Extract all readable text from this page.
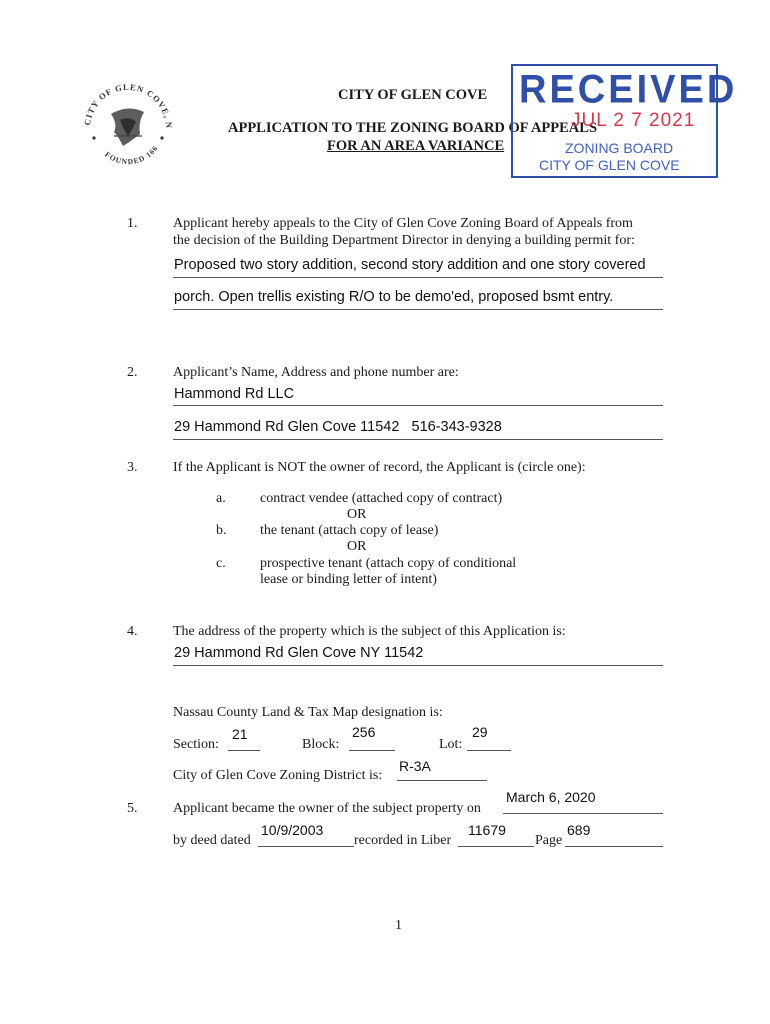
CITY OF GLEN COVE, N
FOUNDED 166
CITY OF GLEN COVE
APPLICATION TO THE ZONING BOARD OF APPEALS
FOR AN AREA VARIANCE
RECEIVED
JUL 2 7 2021
ZONING BOARD
CITY OF GLEN COVE
1.	Applicant hereby appeals to the City of Glen Cove Zoning Board of Appeals from
the decision of the Building Department Director in denying a building permit for:
Proposed two story addition, second story addition and one story covered
porch. Open trellis existing R/O to be demo'ed, proposed bsmt entry.
2.	Applicant’s Name, Address and phone number are:
Hammond Rd LLC
29 Hammond Rd Glen Cove 11542   516-343-9328
3.	If the Applicant is NOT the owner of record, the Applicant is (circle one):
a. contract vendee (attached copy of contract)
OR
b. the tenant (attach copy of lease)
OR
c. prospective tenant (attach copy of conditional
lease or binding letter of intent)
4.	The address of the property which is the subject of this Application is:
29 Hammond Rd Glen Cove NY 11542
Nassau County Land & Tax Map designation is:
Section:
21
Block:
256
Lot:
29
City of Glen Cove Zoning District is:
R-3A
5.	Applicant became the owner of the subject property on
March 6, 2020
by deed dated
10/9/2003
recorded in Liber
11679
Page
689
1
